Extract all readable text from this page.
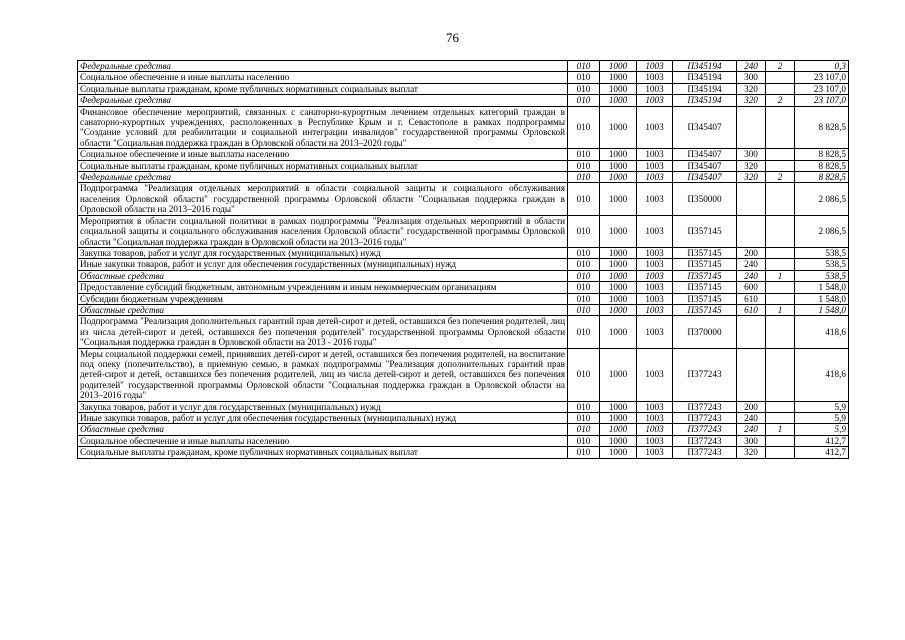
76
Федеральные средства	010	1000	1003	П345194	240	2	0,3
Социальное обеспечение и иные выплаты населению	010	1000	1003	П345194	300		23 107,0
Социальные выплаты гражданам, кроме публичных нормативных социальных выплат	010	1000	1003	П345194	320		23 107,0
Федеральные средства	010	1000	1003	П345194	320	2	23 107,0
Финансовое обеспечение мероприятий, связанных с санаторно-курортным лечением отдельных категорий граждан в санаторно-курортных учреждениях, расположенных в Республике Крым и г. Севастополе в рамках подпрограммы "Создание условий для реабилитации и социальной интеграции инвалидов" государственной программы Орловской области "Социальная поддержка граждан в Орловской области на 2013–2020 годы"	010	1000	1003	П345407			8 828,5
Социальное обеспечение и иные выплаты населению	010	1000	1003	П345407	300		8 828,5
Социальные выплаты гражданам, кроме публичных нормативных социальных выплат	010	1000	1003	П345407	320		8 828,5
Федеральные средства	010	1000	1003	П345407	320	2	8 828,5
Подпрограмма "Реализация отдельных мероприятий в области социальной защиты и социального обслуживания населения Орловской области" государственной программы Орловской области "Социальная поддержка граждан в Орловской области на 2013–2016 годы"	010	1000	1003	П350000			2 086,5
Мероприятия в области социальной политики в рамках подпрограммы "Реализация отдельных мероприятий в области социальной защиты и социального обслуживания населения Орловской области" государственной программы Орловской области "Социальная поддержка граждан в Орловской области на 2013–2016 годы"	010	1000	1003	П357145			2 086,5
Закупка товаров, работ и услуг для государственных (муниципальных) нужд	010	1000	1003	П357145	200		538,5
Иные закупки товаров, работ и услуг для обеспечения государственных (муниципальных) нужд	010	1000	1003	П357145	240		538,5
Областные средства	010	1000	1003	П357145	240	1	538,5
Предоставление субсидий бюджетным, автономным учреждениям и иным некоммерческим организациям	010	1000	1003	П357145	600		1 548,0
Субсидии бюджетным учреждениям	010	1000	1003	П357145	610		1 548,0
Областные средства	010	1000	1003	П357145	610	1	1 548,0
Подпрограмма "Реализация дополнительных гарантий прав детей-сирот и детей, оставшихся без попечения родителей, лиц из числа детей-сирот и детей, оставшихся без попечения родителей" государственной программы Орловской области "Социальная поддержка граждан в Орловской области на 2013 - 2016 годы"	010	1000	1003	П370000			418,6
Меры социальной поддержки семей, принявших детей-сирот и детей, оставшихся без попечения родителей, на воспитание под опеку (попечительство), в приемную семью, в рамках подпрограммы "Реализация дополнительных гарантий прав детей-сирот и детей, оставшихся без попечения родителей, лиц из числа детей-сирот и детей, оставшихся без попечения родителей" государственной программы Орловской области "Социальная поддержка граждан в Орловской области на 2013–2016 годы"	010	1000	1003	П377243			418,6
Закупка товаров, работ и услуг для государственных (муниципальных) нужд	010	1000	1003	П377243	200		5,9
Иные закупки товаров, работ и услуг для обеспечения государственных (муниципальных) нужд	010	1000	1003	П377243	240		5,9
Областные средства	010	1000	1003	П377243	240	1	5,9
Социальное обеспечение и иные выплаты населению	010	1000	1003	П377243	300		412,7
Социальные выплаты гражданам, кроме публичных нормативных социальных выплат	010	1000	1003	П377243	320		412,7
